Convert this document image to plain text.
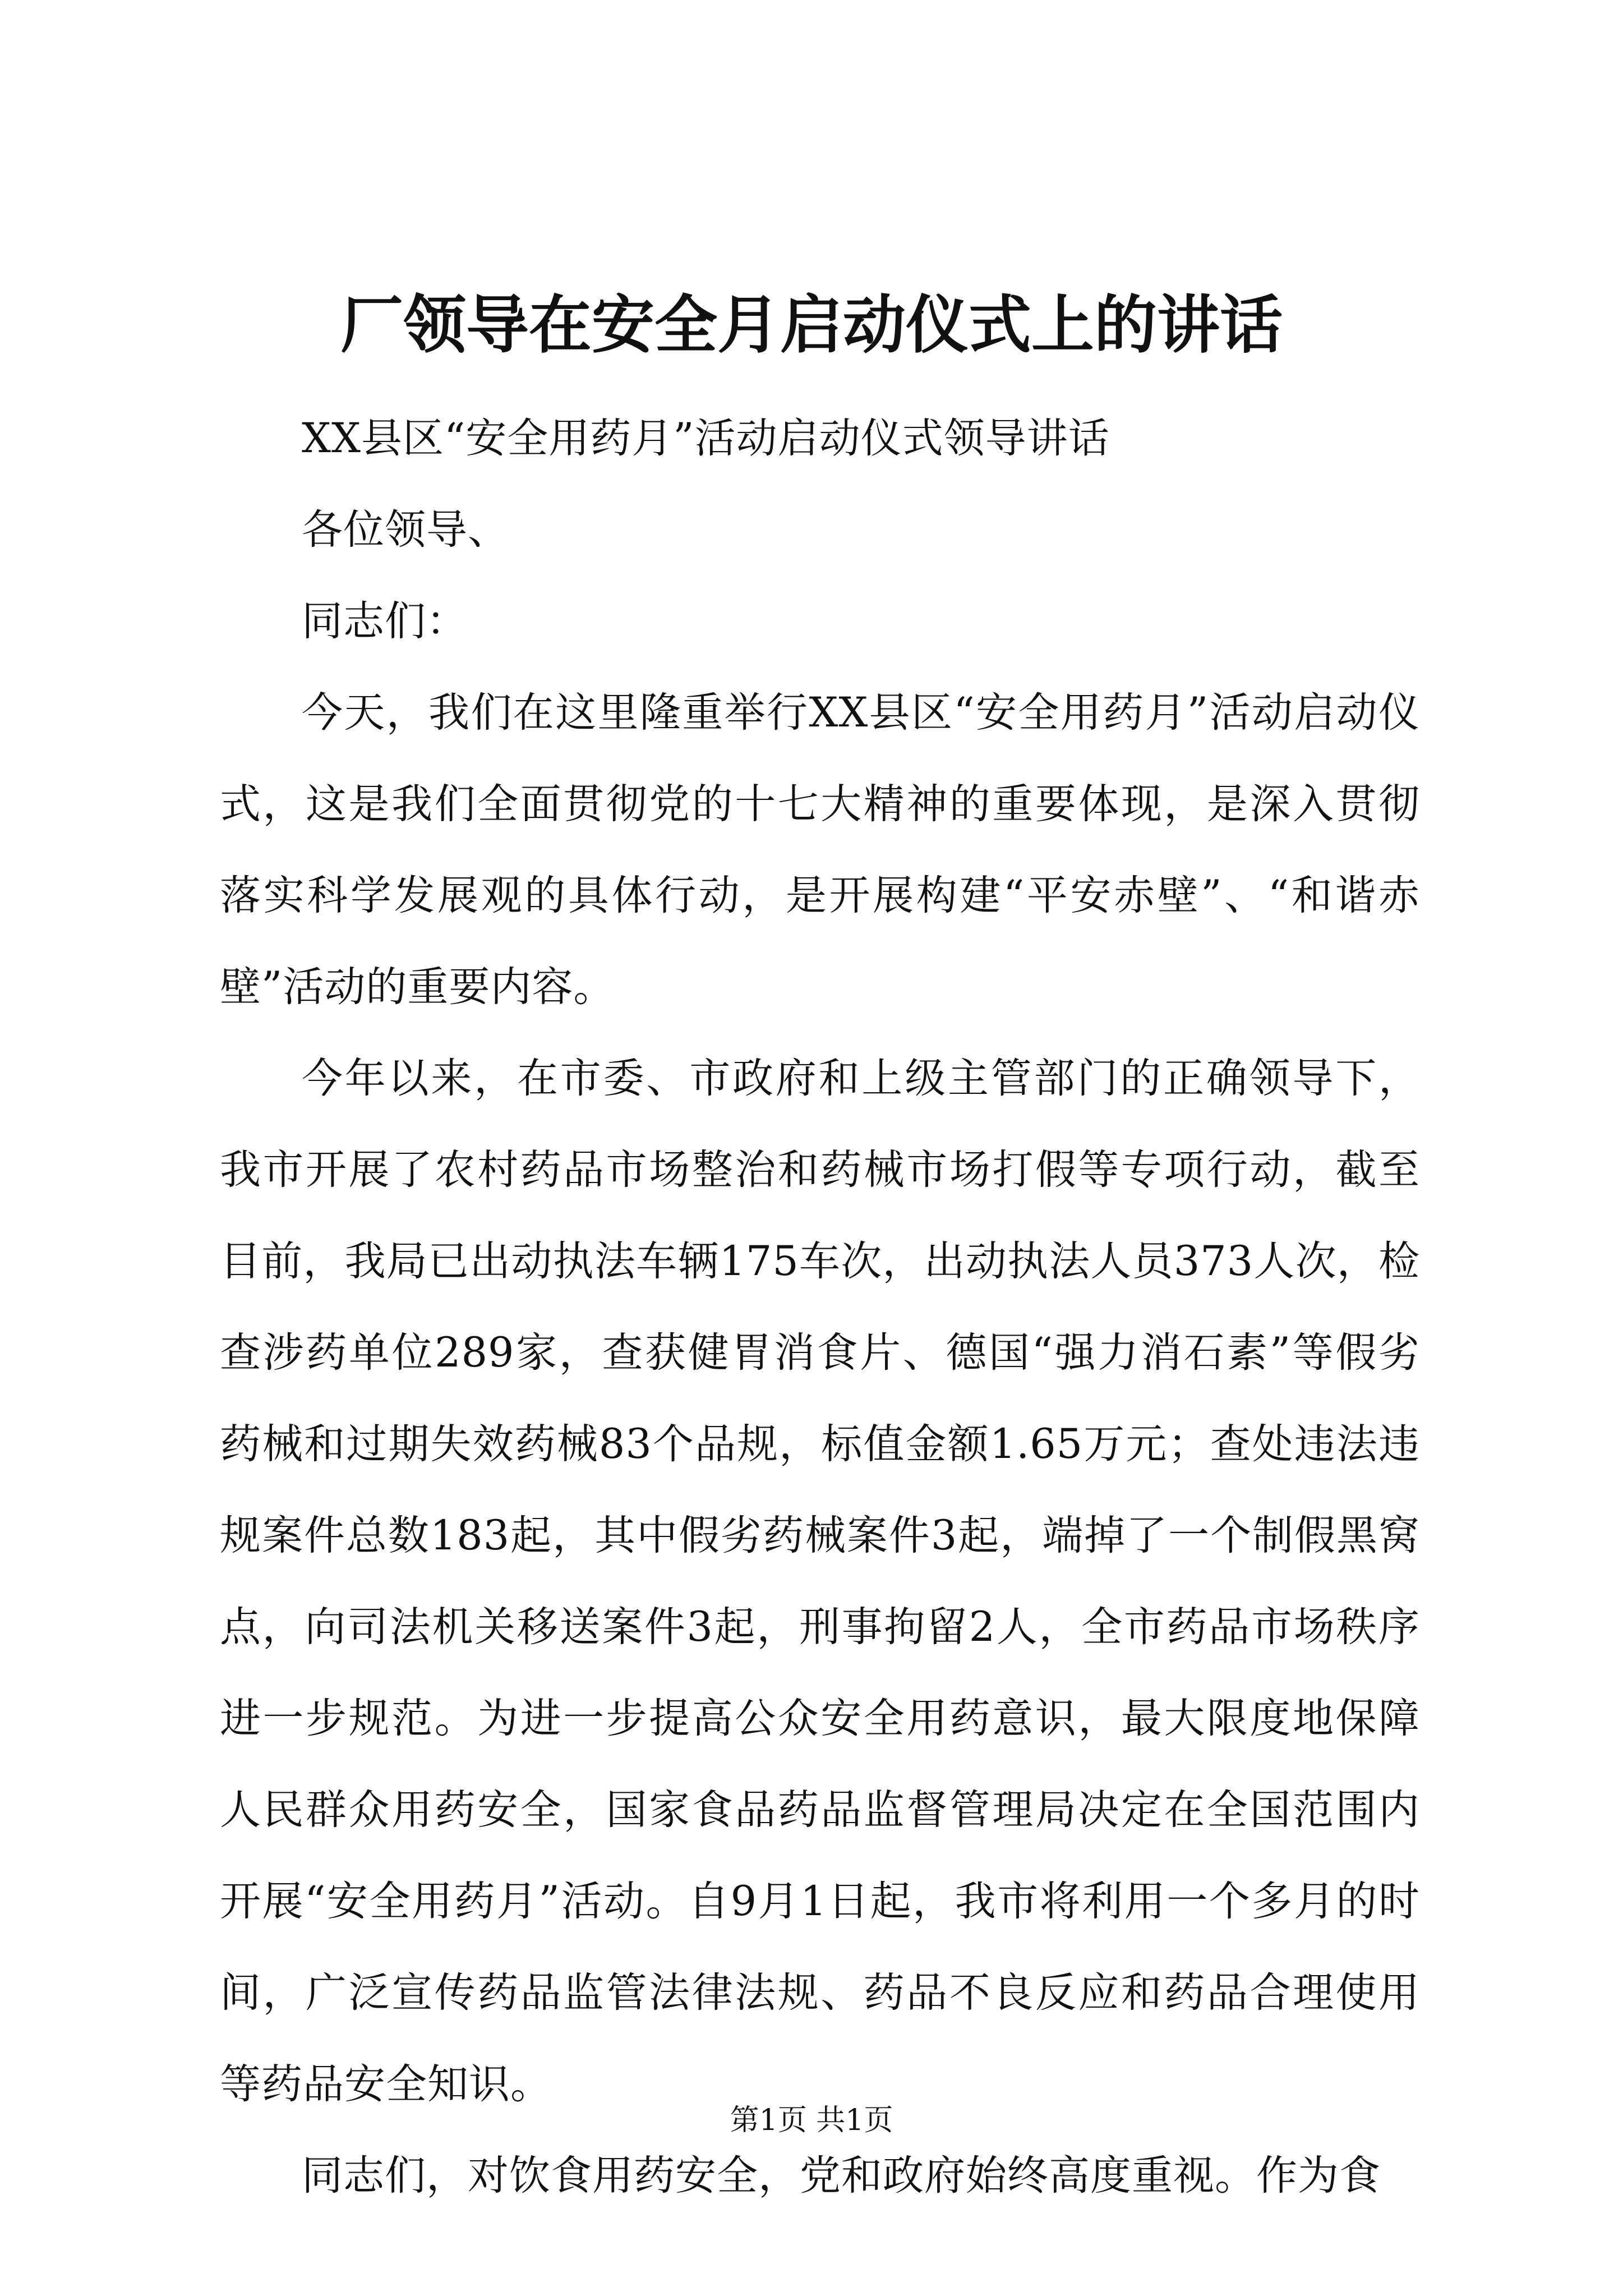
厂领导在安全月启动仪式上的讲话

XX县区“安全用药月”活动启动仪式领导讲话

各位领导、

同志们：

今天，我们在这里隆重举行XX县区“安全用药月”活动启动仪式，这是我们全面贯彻党的十七大精神的重要体现，是深入贯彻落实科学发展观的具体行动，是开展构建“平安赤壁”、“和谐赤壁”活动的重要内容。

今年以来，在市委、市政府和上级主管部门的正确领导下，我市开展了农村药品市场整治和药械市场打假等专项行动，截至目前，我局已出动执法车辆175车次，出动执法人员373人次，检查涉药单位289家，查获健胃消食片、德国“强力消石素”等假劣药械和过期失效药械83个品规，标值金额1.65万元；查处违法违规案件总数183起，其中假劣药械案件3起，端掉了一个制假黑窝点，向司法机关移送案件3起，刑事拘留2人，全市药品市场秩序进一步规范。为进一步提高公众安全用药意识，最大限度地保障人民群众用药安全，国家食品药品监督管理局决定在全国范围内开展“安全用药月”活动。自9月1日起，我市将利用一个多月的时间，广泛宣传药品监管法律法规、药品不良反应和药品合理使用等药品安全知识。

同志们，对饮食用药安全，党和政府始终高度重视。作为食

第1页 共1页
